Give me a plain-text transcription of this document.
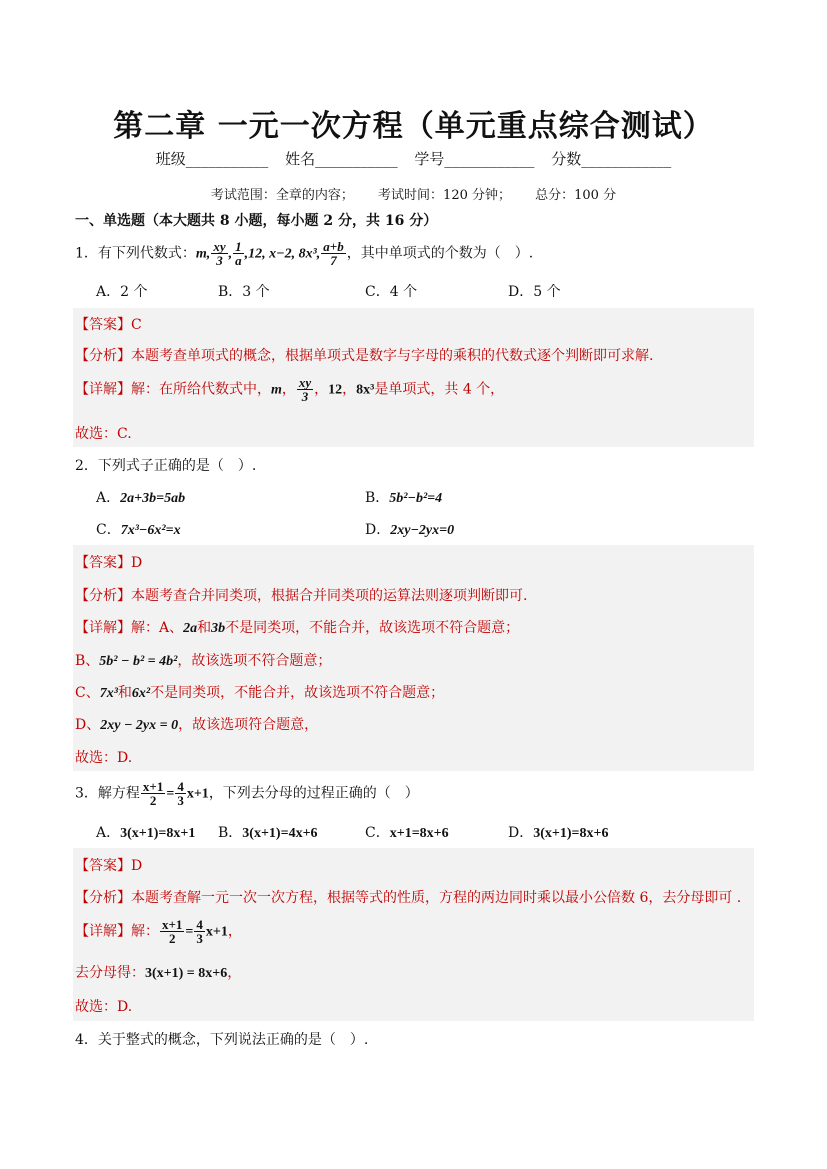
第二章 一元一次方程（单元重点综合测试）
班级___________ 姓名___________ 学号____________ 分数____________
考试范围：全章的内容； 考试时间：120 分钟； 总分：100 分
一、单选题（本大题共 8 小题，每小题 2 分，共 16 分）
1．有下列代数式：m, $\frac{xy}{3}$ , $\frac{1}{a} ,12$, x−2, 8x³, $\frac{a+b}{7}$ ，其中单项式的个数为（　）.
A．2 个	B．3 个	C．4 个	D．5 个
【答案】C
【分析】本题考查单项式的概念，根据单项式是数字与字母的乘积的代数式逐个判断即可求解.
【详解】解：在所给代数式中，m， $\frac{xy}{3}$ ，12，8x³是单项式，共 4 个，
故选：C.
2．下列式子正确的是（　）.
A．2a+3b=5ab	B．5b²−b²=4
C．7x³−6x²=x	D．2xy−2yx=0
【答案】D
【分析】本题考查合并同类项，根据合并同类项的运算法则逐项判断即可.
【详解】解：A、2a和3b不是同类项，不能合并，故该选项不符合题意；
B、5b² − b² = 4b²，故该选项不符合题意；
C、7x³和6x²不是同类项，不能合并，故该选项不符合题意；
D、2xy − 2yx = 0，故该选项符合题意，
故选：D.
3．解方程 $\frac{x+1}{2} = \frac{4}{3} x+1$，下列去分母的过程正确的（　）
A．3(x+1)=8x+1 B．3(x+1)=4x+6	C．x+1=8x+6	D．3(x+1)=8x+6
【答案】D
【分析】本题考查解一元一次一次方程，根据等式的性质，方程的两边同时乘以最小公倍数 6，去分母即可 .
【详解】解： $\frac{x+1}{2} = \frac{4}{3} x+1$，
去分母得：3(x+1) = 8x+6，
故选：D.
4．关于整式的概念，下列说法正确的是（　）.
